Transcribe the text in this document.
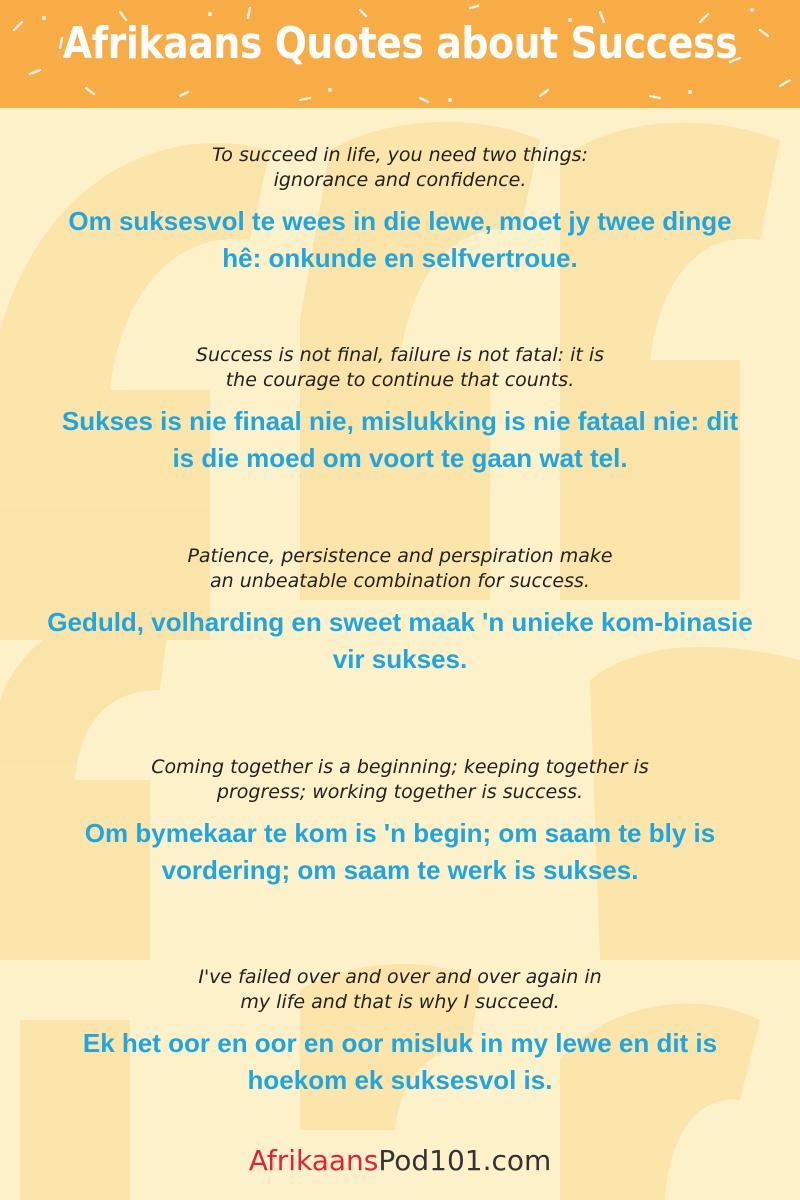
Afrikaans Quotes about Success

To succeed in life, you need two things: ignorance and confidence.

Om suksesvol te wees in die lewe, moet jy twee dinge hê: onkunde en selfvertroue.

Success is not final, failure is not fatal: it is the courage to continue that counts.

Sukses is nie finaal nie, mislukking is nie fataal nie: dit is die moed om voort te gaan wat tel.

Patience, persistence and perspiration make an unbeatable combination for success.

Geduld, volharding en sweet maak 'n unieke kom-binasie vir sukses.

Coming together is a beginning; keeping together is progress; working together is success.

Om bymekaar te kom is 'n begin; om saam te bly is vordering; om saam te werk is sukses.

I've failed over and over and over again in my life and that is why I succeed.

Ek het oor en oor en oor misluk in my lewe en dit is hoekom ek suksesvol is.

AfrikaansPod101.com
